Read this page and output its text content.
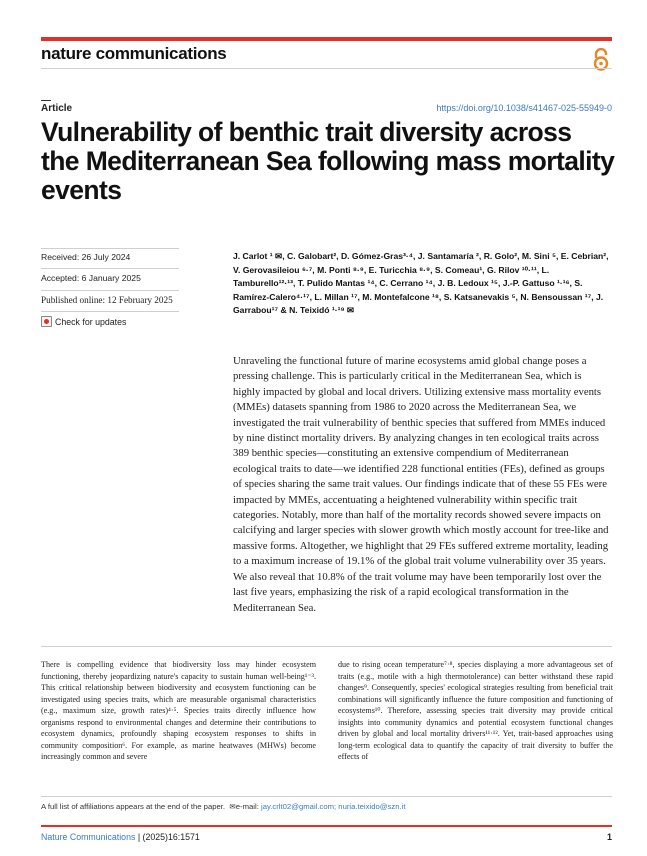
nature communications
Article	https://doi.org/10.1038/s41467-025-55949-0
Vulnerability of benthic trait diversity across the Mediterranean Sea following mass mortality events
Received: 26 July 2024
Accepted: 6 January 2025
Published online: 12 February 2025
Check for updates
J. Carlot ¹ ✉, C. Galobart², D. Gómez-Gras³·⁴, J. Santamaría ², R. Golo², M. Sini ⁵, E. Cebrian², V. Gerovasileiou ⁶·⁷, M. Ponti ⁸·⁹, E. Turicchia ⁸·⁹, S. Comeau¹, G. Rilov ¹⁰·¹¹, L. Tamburello¹²·¹³, T. Pulido Mantas ¹⁴, C. Cerrano ¹⁴, J. B. Ledoux ¹⁵, J.-P. Gattuso ¹·¹⁶, S. Ramírez-Calero⁴·¹⁷, L. Millan ¹⁷, M. Montefalcone ¹⁸, S. Katsanevakis ⁵, N. Bensoussan ¹⁷, J. Garrabou¹⁷ & N. Teixidó ¹·¹⁹ ✉
Unraveling the functional future of marine ecosystems amid global change poses a pressing challenge. This is particularly critical in the Mediterranean Sea, which is highly impacted by global and local drivers. Utilizing extensive mass mortality events (MMEs) datasets spanning from 1986 to 2020 across the Mediterranean Sea, we investigated the trait vulnerability of benthic species that suffered from MMEs induced by nine distinct mortality drivers. By analyzing changes in ten ecological traits across 389 benthic species—constituting an extensive compendium of Mediterranean ecological traits to date—we identified 228 functional entities (FEs), defined as groups of species sharing the same trait values. Our findings indicate that of these 55 FEs were impacted by MMEs, accentuating a heightened vulnerability within specific trait categories. Notably, more than half of the mortality records showed severe impacts on calcifying and larger species with slower growth which mostly account for tree-like and massive forms. Altogether, we highlight that 29 FEs suffered extreme mortality, leading to a maximum increase of 19.1% of the global trait volume vulnerability over 35 years. We also reveal that 10.8% of the trait volume may have been temporarily lost over the last five years, emphasizing the risk of a rapid ecological transformation in the Mediterranean Sea.
There is compelling evidence that biodiversity loss may hinder ecosystem functioning, thereby jeopardizing nature's capacity to sustain human well-being¹⁻³. This critical relationship between biodiversity and ecosystem functioning can be investigated using species traits, which are measurable organismal characteristics (e.g., maximum size, growth rates)⁴·⁵. Species traits directly influence how organisms respond to environmental changes and determine their contributions to ecosystem dynamics, profoundly shaping ecosystem responses to shifts in community composition⁶. For example, as marine heatwaves (MHWs) become increasingly common and severe
due to rising ocean temperature⁷·⁸, species displaying a more advantageous set of traits (e.g., motile with a high thermotolerance) can better withstand these rapid changes⁹. Consequently, species' ecological strategies resulting from beneficial trait combinations will significantly influence the future composition and functioning of ecosystems¹⁰. Therefore, assessing species trait diversity may provide critical insights into community dynamics and potential ecosystem functional changes driven by global and local mortality drivers¹¹·¹². Yet, trait-based approaches using long-term ecological data to quantify the capacity of trait diversity to buffer the effects of
A full list of affiliations appears at the end of the paper.  ✉e-mail: jay.crlt02@gmail.com; nuria.teixido@szn.it
Nature Communications | (2025)16:1571	1
